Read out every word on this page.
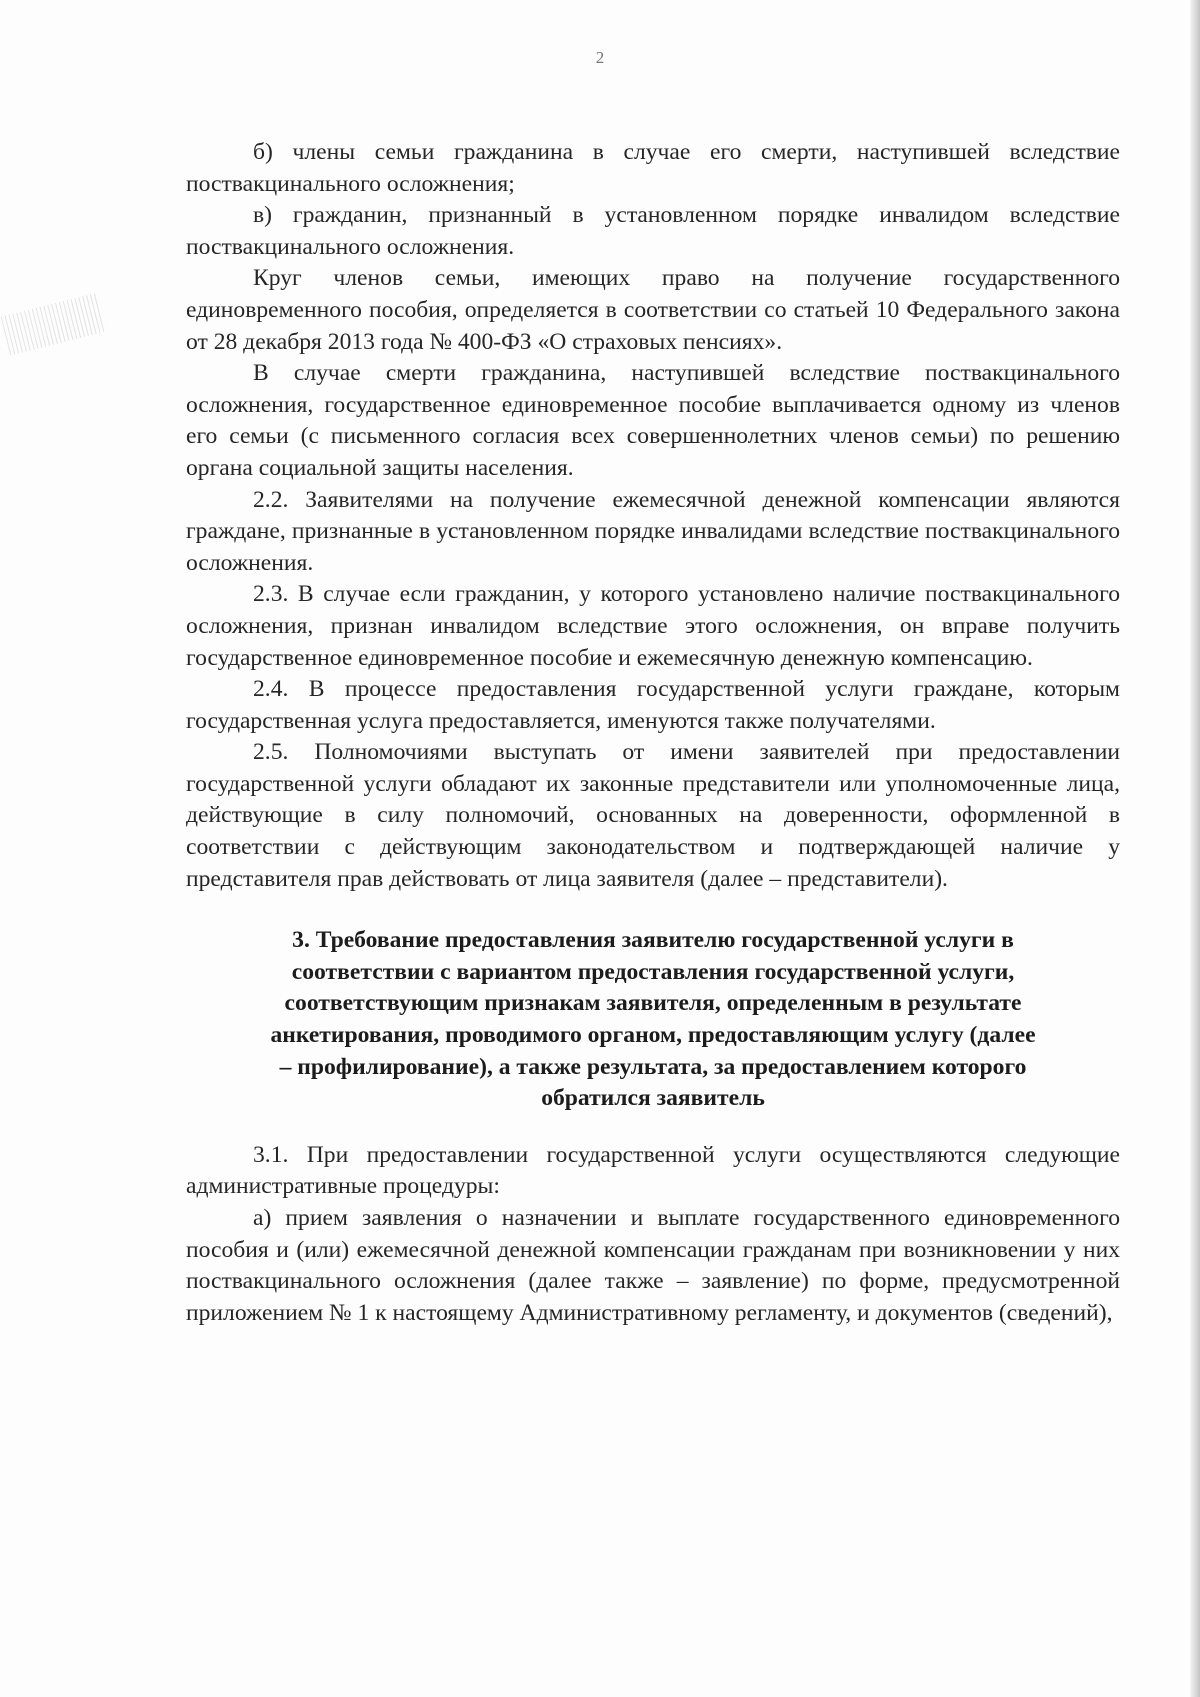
2

б) члены семьи гражданина в случае его смерти, наступившей вследствие поствакцинального осложнения;

в) гражданин, признанный в установленном порядке инвалидом вследствие поствакцинального осложнения.

Круг членов семьи, имеющих право на получение государственного единовременного пособия, определяется в соответствии со статьей 10 Федерального закона от 28 декабря 2013 года № 400-ФЗ «О страховых пенсиях».

В случае смерти гражданина, наступившей вследствие поствакцинального осложнения, государственное единовременное пособие выплачивается одному из членов его семьи (с письменного согласия всех совершеннолетних членов семьи) по решению органа социальной защиты населения.

2.2. Заявителями на получение ежемесячной денежной компенсации являются граждане, признанные в установленном порядке инвалидами вследствие поствакцинального осложнения.

2.3. В случае если гражданин, у которого установлено наличие поствакцинального осложнения, признан инвалидом вследствие этого осложнения, он вправе получить государственное единовременное пособие и ежемесячную денежную компенсацию.

2.4. В процессе предоставления государственной услуги граждане, которым государственная услуга предоставляется, именуются также получателями.

2.5. Полномочиями выступать от имени заявителей при предоставлении государственной услуги обладают их законные представители или уполномоченные лица, действующие в силу полномочий, основанных на доверенности, оформленной в соответствии с действующим законодательством и подтверждающей наличие у представителя прав действовать от лица заявителя (далее – представители).

3. Требование предоставления заявителю государственной услуги в соответствии с вариантом предоставления государственной услуги, соответствующим признакам заявителя, определенным в результате анкетирования, проводимого органом, предоставляющим услугу (далее – профилирование), а также результата, за предоставлением которого обратился заявитель

3.1. При предоставлении государственной услуги осуществляются следующие административные процедуры:

а) прием заявления о назначении и выплате государственного единовременного пособия и (или) ежемесячной денежной компенсации гражданам при возникновении у них поствакцинального осложнения (далее также – заявление) по форме, предусмотренной приложением № 1 к настоящему Административному регламенту, и документов (сведений),
